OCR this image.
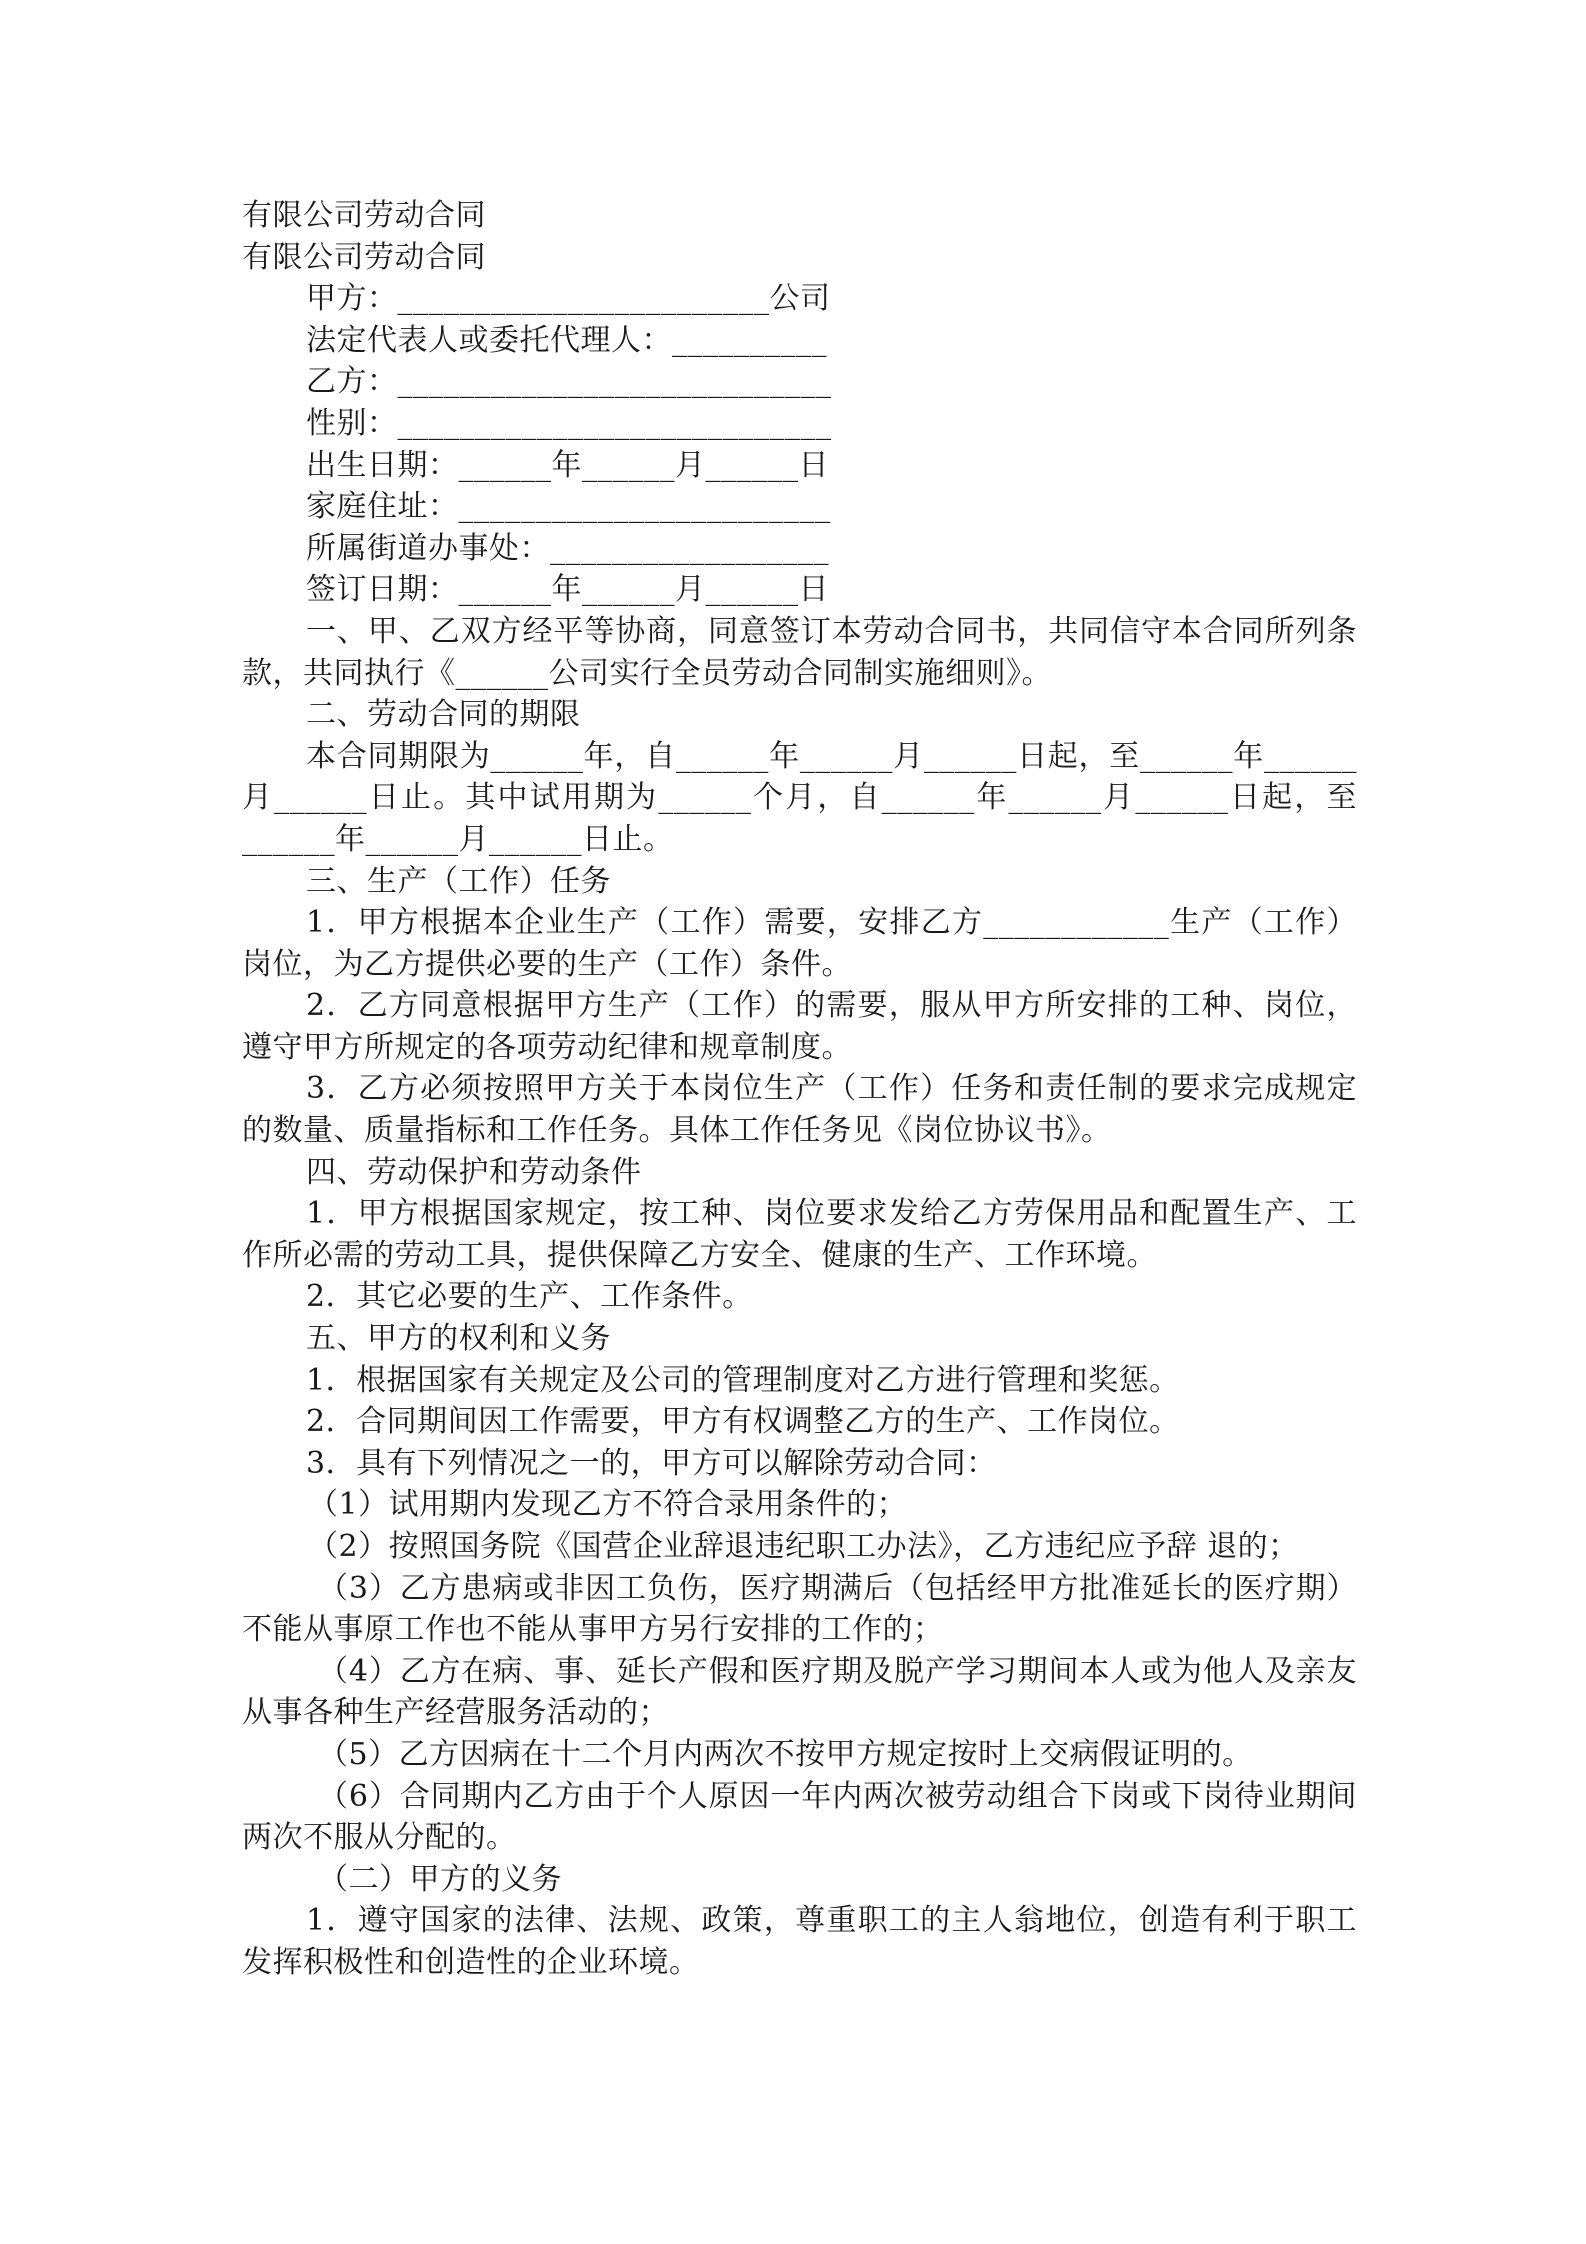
有限公司劳动合同
有限公司劳动合同
甲方：________________________公司
法定代表人或委托代理人：__________
乙方：____________________________
性别：____________________________
出生日期：______年______月______日
家庭住址：________________________
所属街道办事处：__________________
签订日期：______年______月______日
一、甲、乙双方经平等协商，同意签订本劳动合同书，共同信守本合同所列条款，共同执行《______公司实行全员劳动合同制实施细则》。
二、劳动合同的期限
本合同期限为______年，自______年______月______日起，至______年______月______日止。其中试用期为______个月，自______年______月______日起，至______年______月______日止。
三、生产（工作）任务
1．甲方根据本企业生产（工作）需要，安排乙方____________生产（工作）岗位，为乙方提供必要的生产（工作）条件。
2．乙方同意根据甲方生产（工作）的需要，服从甲方所安排的工种、岗位，遵守甲方所规定的各项劳动纪律和规章制度。
3．乙方必须按照甲方关于本岗位生产（工作）任务和责任制的要求完成规定的数量、质量指标和工作任务。具体工作任务见《岗位协议书》。
四、劳动保护和劳动条件
1．甲方根据国家规定，按工种、岗位要求发给乙方劳保用品和配置生产、工作所必需的劳动工具，提供保障乙方安全、健康的生产、工作环境。
2．其它必要的生产、工作条件。
五、甲方的权利和义务
1．根据国家有关规定及公司的管理制度对乙方进行管理和奖惩。
2．合同期间因工作需要，甲方有权调整乙方的生产、工作岗位。
3．具有下列情况之一的，甲方可以解除劳动合同：
（1）试用期内发现乙方不符合录用条件的；
（2）按照国务院《国营企业辞退违纪职工办法》，乙方违纪应予辞 退的；
（3）乙方患病或非因工负伤，医疗期满后（包括经甲方批准延长的医疗期）不能从事原工作也不能从事甲方另行安排的工作的；
（4）乙方在病、事、延长产假和医疗期及脱产学习期间本人或为他人及亲友从事各种生产经营服务活动的；
（5）乙方因病在十二个月内两次不按甲方规定按时上交病假证明的。
（6）合同期内乙方由于个人原因一年内两次被劳动组合下岗或下岗待业期间两次不服从分配的。
（二）甲方的义务
1．遵守国家的法律、法规、政策，尊重职工的主人翁地位，创造有利于职工发挥积极性和创造性的企业环境。
